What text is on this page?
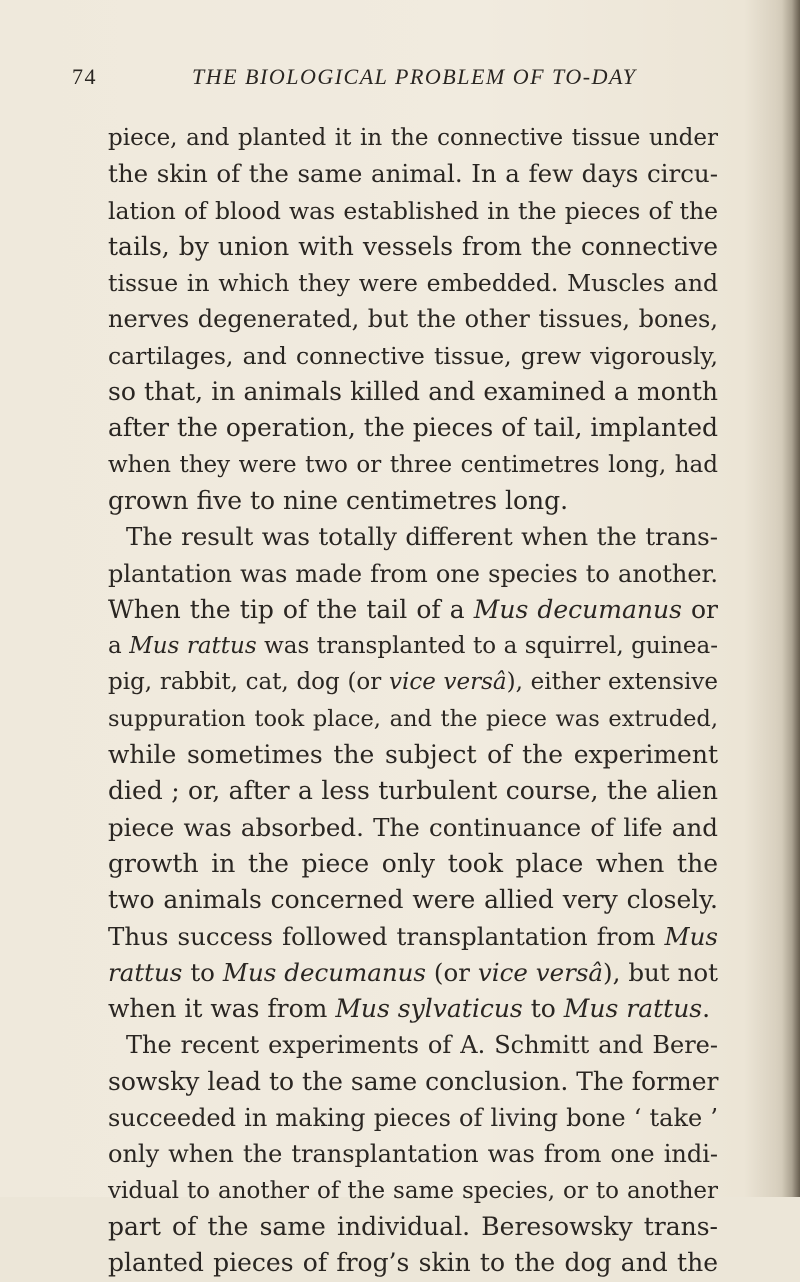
74	THE BIOLOGICAL PROBLEM OF TO-DAY
piece, and planted it in the connective tissue under
the skin of the same animal. In a few days circu-
lation of blood was established in the pieces of the
tails, by union with vessels from the connective
tissue in which they were embedded. Muscles and
nerves degenerated, but the other tissues, bones,
cartilages, and connective tissue, grew vigorously,
so that, in animals killed and examined a month
after the operation, the pieces of tail, implanted
when they were two or three centimetres long, had
grown five to nine centimetres long.
The result was totally different when the trans-
plantation was made from one species to another.
When the tip of the tail of a Mus decumanus or
a Mus rattus was transplanted to a squirrel, guinea-
pig, rabbit, cat, dog (or vice versâ), either extensive
suppuration took place, and the piece was extruded,
while sometimes the subject of the experiment
died ; or, after a less turbulent course, the alien
piece was absorbed. The continuance of life and
growth in the piece only took place when the
two animals concerned were allied very closely.
Thus success followed transplantation from Mus
rattus to Mus decumanus (or vice versâ), but not
when it was from Mus sylvaticus to Mus rattus.
The recent experiments of A. Schmitt and Bere-
sowsky lead to the same conclusion. The former
succeeded in making pieces of living bone ‘ take ’
only when the transplantation was from one indi-
vidual to another of the same species, or to another
part of the same individual. Beresowsky trans-
planted pieces of frog’s skin to the dog and the
